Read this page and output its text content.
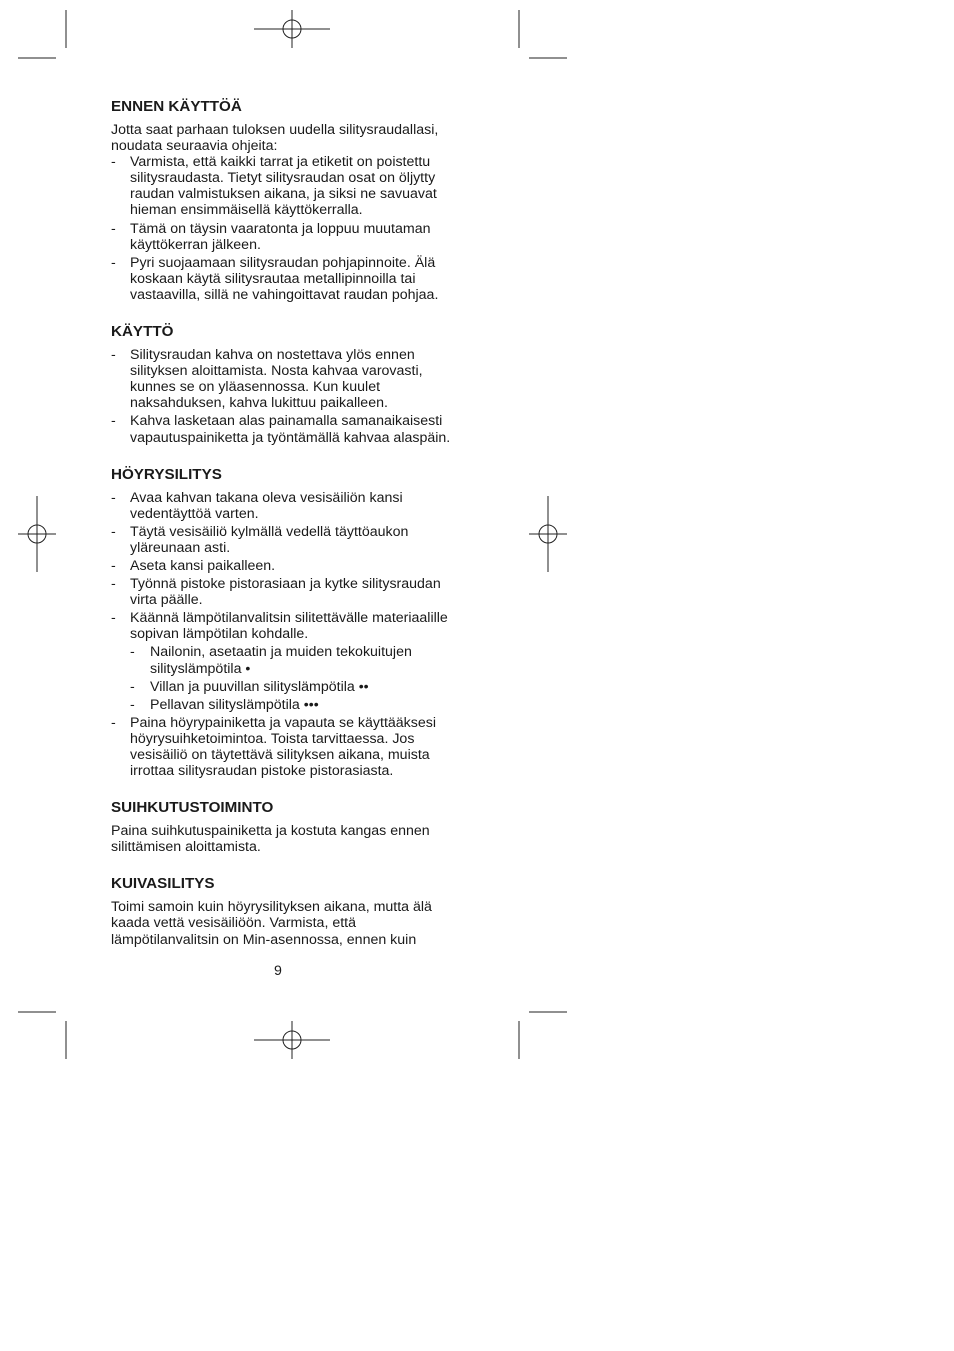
ENNEN KÄYTTÖÄ

Jotta saat parhaan tuloksen uudella silitysraudallasi, noudata seuraavia ohjeita:

- Varmista, että kaikki tarrat ja etiketit on poistettu silitysraudasta. Tietyt silitysraudan osat on öljytty raudan valmistuksen aikana, ja siksi ne savuavat hieman ensimmäisellä käyttökerralla.
- Tämä on täysin vaaratonta ja loppuu muutaman käyttökerran jälkeen.
- Pyri suojaamaan silitysraudan pohjapinnoite. Älä koskaan käytä silitysrautaa metallipinnoilla tai vastaavilla, sillä ne vahingoittavat raudan pohjaa.
KÄYTTÖ
- Silitysraudan kahva on nostettava ylös ennen silityksen aloittamista. Nosta kahvaa varovasti, kunnes se on yläasennossa. Kun kuulet naksahduksen, kahva lukittuu paikalleen.
- Kahva lasketaan alas painamalla samanaikaisesti vapautuspainiketta ja työntämällä kahvaa alaspäin.
HÖYRYSILITYS
- Avaa kahvan takana oleva vesisäiliön kansi vedentäyttöä varten.
- Täytä vesisäiliö kylmällä vedellä täyttöaukon yläreunaan asti.
- Aseta kansi paikalleen.
- Työnnä pistoke pistorasiaan ja kytke silitysraudan virta päälle.
- Käännä lämpötilanvalitsin silitettävälle materiaalille sopivan lämpötilan kohdalle.
- Nailonin, asetaatin ja muiden tekokuitujen silityslämpötila •
- Villan ja puuvillan silityslämpötila ••
- Pellavan silityslämpötila •••
- Paina höyrypainiketta ja vapauta se käyttääksesi höyrysuihketoimintoa. Toista tarvittaessa. Jos vesisäiliö on täytettävä silityksen aikana, muista irrottaa silitysraudan pistoke pistorasiasta.
SUIHKUTUSTOIMINTO

Paina suihkutuspainiketta ja kostuta kangas ennen silittämisen aloittamista.

KUIVASILITYS

Toimi samoin kuin höyrysilityksen aikana, mutta älä kaada vettä vesisäiliöön. Varmista, että lämpötilanvalitsin on Min-asennossa, ennen kuin

9
